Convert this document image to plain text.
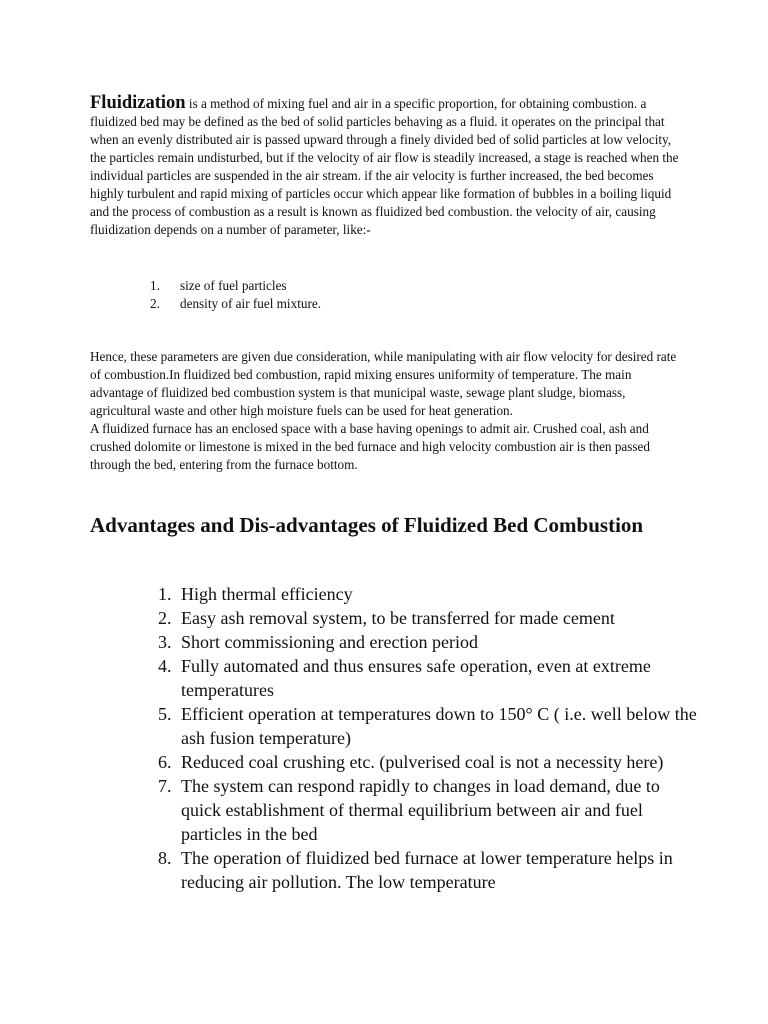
Fluidization is a method of mixing fuel and air in a specific proportion, for obtaining combustion. a fluidized bed may be defined as the bed of solid particles behaving as a fluid. it operates on the principal that when an evenly distributed air is passed upward through a finely divided bed of solid particles at low velocity, the particles remain undisturbed, but if the velocity of air flow is steadily increased, a stage is reached when the individual particles are suspended in the air stream. if the air velocity is further increased, the bed becomes highly turbulent and rapid mixing of particles occur which appear like formation of bubbles in a boiling liquid and the process of combustion as a result is known as fluidized bed combustion. the velocity of air, causing fluidization depends on a number of parameter, like:-

1.	size of fuel particles
2.	density of air fuel mixture.

Hence, these parameters are given due consideration, while manipulating with air flow velocity for desired rate of combustion.In fluidized bed combustion, rapid mixing ensures uniformity of temperature. The main advantage of fluidized bed combustion system is that municipal waste, sewage plant sludge, biomass, agricultural waste and other high moisture fuels can be used for heat generation.
A fluidized furnace has an enclosed space with a base having openings to admit air. Crushed coal, ash and crushed dolomite or limestone is mixed in the bed furnace and high velocity combustion air is then passed through the bed, entering from the furnace bottom.

Advantages and Dis-advantages of Fluidized Bed Combustion
1. High thermal efficiency
2. Easy ash removal system, to be transferred for made cement
3. Short commissioning and erection period
4. Fully automated and thus ensures safe operation, even at extreme temperatures
5. Efficient operation at temperatures down to 150° C ( i.e. well below the ash fusion temperature)
6. Reduced coal crushing etc. (pulverised coal is not a necessity here)
7. The system can respond rapidly to changes in load demand, due to quick establishment of thermal equilibrium between air and fuel particles in the bed
8. The operation of fluidized bed furnace at lower temperature helps in reducing air pollution. The low temperature
